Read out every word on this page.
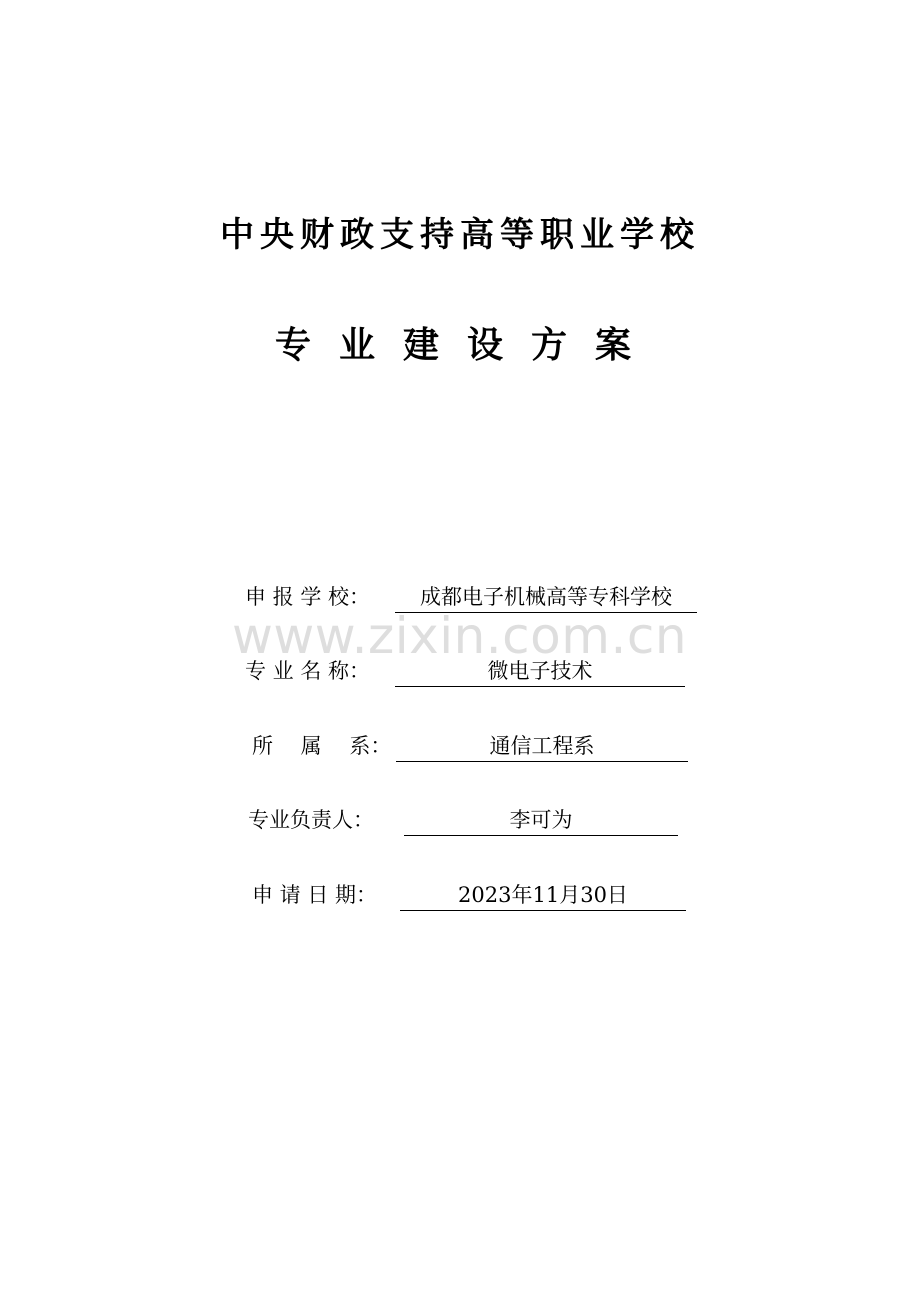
中央财政支持高等职业学校
专业建设方案
www.zixin.com.cn
申 报 学 校：	成都电子机械高等专科学校
专 业 名 称：	微电子技术
所　 属　 系：	通信工程系
专业负责人：	李可为
申 请 日 期：	2023年11月30日
